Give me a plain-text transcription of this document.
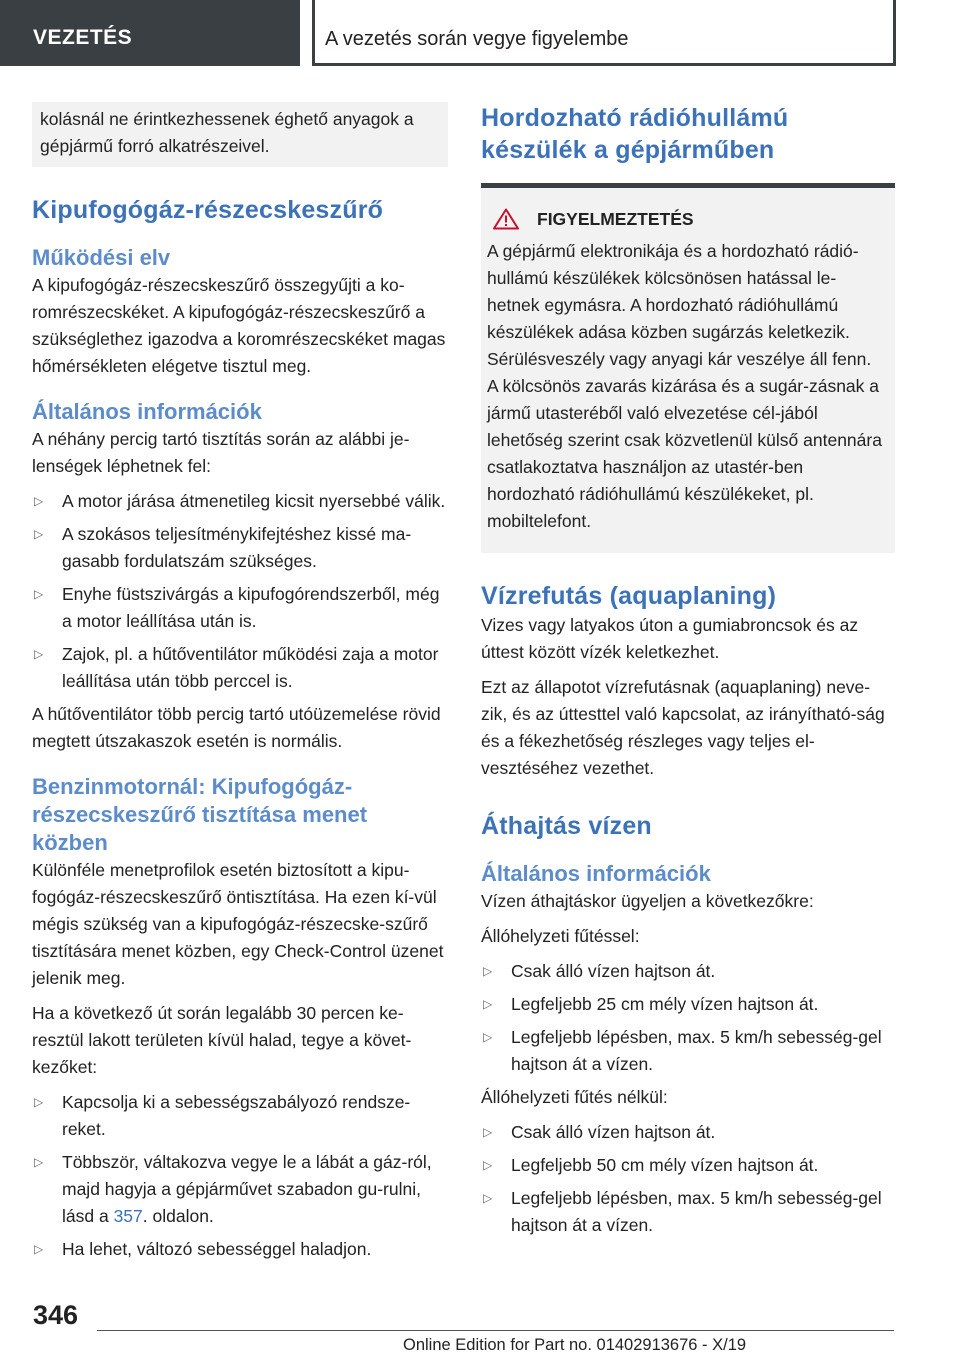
VEZETÉS	A vezetés során vegye figyelembe
kolásnál ne érintkezhessenek éghető anyagok a gépjármű forró alkatrészeivel.
Kipufogógáz-részecskeszűrő
Működési elv
A kipufogógáz-részecskeszűrő összegyűjti a ko-romrészecskéket. A kipufogógáz-részecskeszűrő a szükséglethez igazodva a koromrészecskéket magas hőmérsékleten elégetve tisztul meg.
Általános információk
A néhány percig tartó tisztítás során az alábbi je-lenségek léphetnek fel:
▷ A motor járása átmenetileg kicsit nyersebbé válik.
▷ A szokásos teljesítménykifejtéshez kissé ma-gasabb fordulatszám szükséges.
▷ Enyhe füstszivárgás a kipufogórendszerből, még a motor leállítása után is.
▷ Zajok, pl. a hűtőventilátor működési zaja a motor leállítása után több perccel is.
A hűtőventilátor több percig tartó utóüzemelése rövid megtett útszakaszok esetén is normális.
Benzinmotornál: Kipufogógáz-részecskeszűrő tisztítása menet közben
Különféle menetprofilok esetén biztosított a kipu-fogógáz-részecskeszűrő öntisztítása. Ha ezen kí-vül mégis szükség van a kipufogógáz-részecske-szűrő tisztítására menet közben, egy Check-Control üzenet jelenik meg.
Ha a következő út során legalább 30 percen ke-resztül lakott területen kívül halad, tegye a követ-kezőket:
▷ Kapcsolja ki a sebességszabályozó rendsze-reket.
▷ Többször, váltakozva vegye le a lábát a gáz-ról, majd hagyja a gépjárművet szabadon gu-rulni, lásd a 357. oldalon.
▷ Ha lehet, változó sebességgel haladjon.
Hordozható rádióhullámú készülék a gépjárműben
FIGYELMEZTETÉS
A gépjármű elektronikája és a hordozható rádió-hullámú készülékek kölcsönösen hatással le-hetnek egymásra. A hordozható rádióhullámú készülékek adása közben sugárzás keletkezik. Sérülésveszély vagy anyagi kár veszélye áll fenn. A kölcsönös zavarás kizárása és a sugár-zásnak a jármű utasteréből való elvezetése cél-jából lehetőség szerint csak közvetlenül külső antennára csatlakoztatva használjon az utastér-ben hordozható rádióhullámú készülékeket, pl. mobiltelefont.
Vízrefutás (aquaplaning)
Vizes vagy latyakos úton a gumiabroncsok és az úttest között vízék keletkezhet.
Ezt az állapotot vízrefutásnak (aquaplaning) neve-zik, és az úttesttel való kapcsolat, az irányítható-ság és a fékezhetőség részleges vagy teljes el-vesztéséhez vezethet.
Áthajtás vízen
Általános információk
Vízen áthajtáskor ügyeljen a következőkre:
Állóhelyzeti fűtéssel:
▷ Csak álló vízen hajtson át.
▷ Legfeljebb 25 cm mély vízen hajtson át.
▷ Legfeljebb lépésben, max. 5 km/h sebesség-gel hajtson át a vízen.
Állóhelyzeti fűtés nélkül:
▷ Csak álló vízen hajtson át.
▷ Legfeljebb 50 cm mély vízen hajtson át.
▷ Legfeljebb lépésben, max. 5 km/h sebesség-gel hajtson át a vízen.
346
Online Edition for Part no. 01402913676 - X/19
